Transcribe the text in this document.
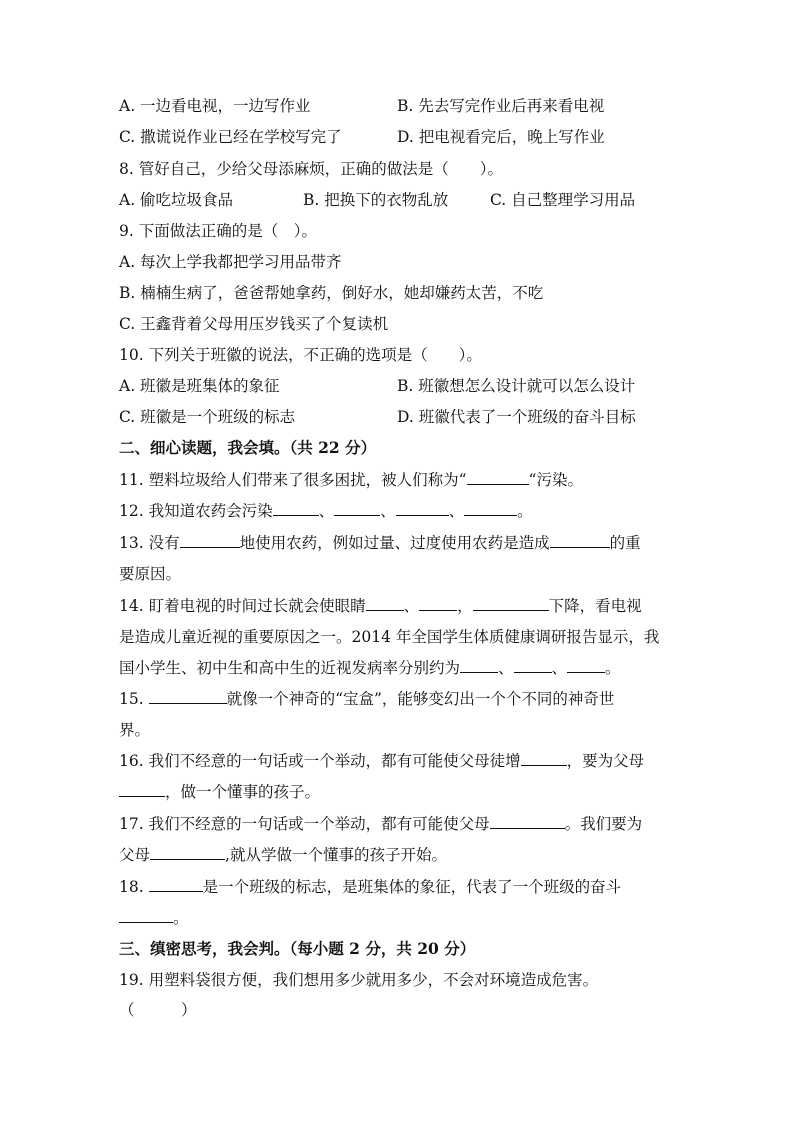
A. 一边看电视，一边写作业	B. 先去写完作业后再来看电视
C. 撒谎说作业已经在学校写完了	D. 把电视看完后，晚上写作业
8. 管好自己，少给父母添麻烦，正确的做法是（　　）。
A. 偷吃垃圾食品	B. 把换下的衣物乱放	C. 自己整理学习用品
9. 下面做法正确的是（　）。
A. 每次上学我都把学习用品带齐
B. 楠楠生病了，爸爸帮她拿药，倒好水，她却嫌药太苦，不吃
C. 王鑫背着父母用压岁钱买了个复读机
10. 下列关于班徽的说法，不正确的选项是（　　）。
A. 班徽是班集体的象征	B. 班徽想怎么设计就可以怎么设计
C. 班徽是一个班级的标志	D. 班徽代表了一个班级的奋斗目标
二、细心读题，我会填。（共 22 分）
11. 塑料垃圾给人们带来了很多困扰，被人们称为“	“污染。
12. 我知道农药会污染	、	、	、	。
13. 没有	地使用农药，例如过量、过度使用农药是造成	的重
要原因。
14. 盯着电视的时间过长就会使眼睛 、 ，	下降，看电视
是造成儿童近视的重要原因之一。2014 年全国学生体质健康调研报告显示，我
国小学生、初中生和高中生的近视发病率分别约为 、 、 。
15.	就像一个神奇的“宝盒”，能够变幻出一个个不同的神奇世
界。
16. 我们不经意的一句话或一个举动，都有可能使父母徒增	，要为父母
，做一个懂事的孩子。
17. 我们不经意的一句话或一个举动，都有可能使父母	。我们要为
父母	,就从学做一个懂事的孩子开始。
18.	是一个班级的标志，是班集体的象征，代表了一个班级的奋斗
。
三、缜密思考，我会判。（每小题 2 分，共 20 分）
19. 用塑料袋很方便，我们想用多少就用多少，不会对环境造成危害。
（　　　）
